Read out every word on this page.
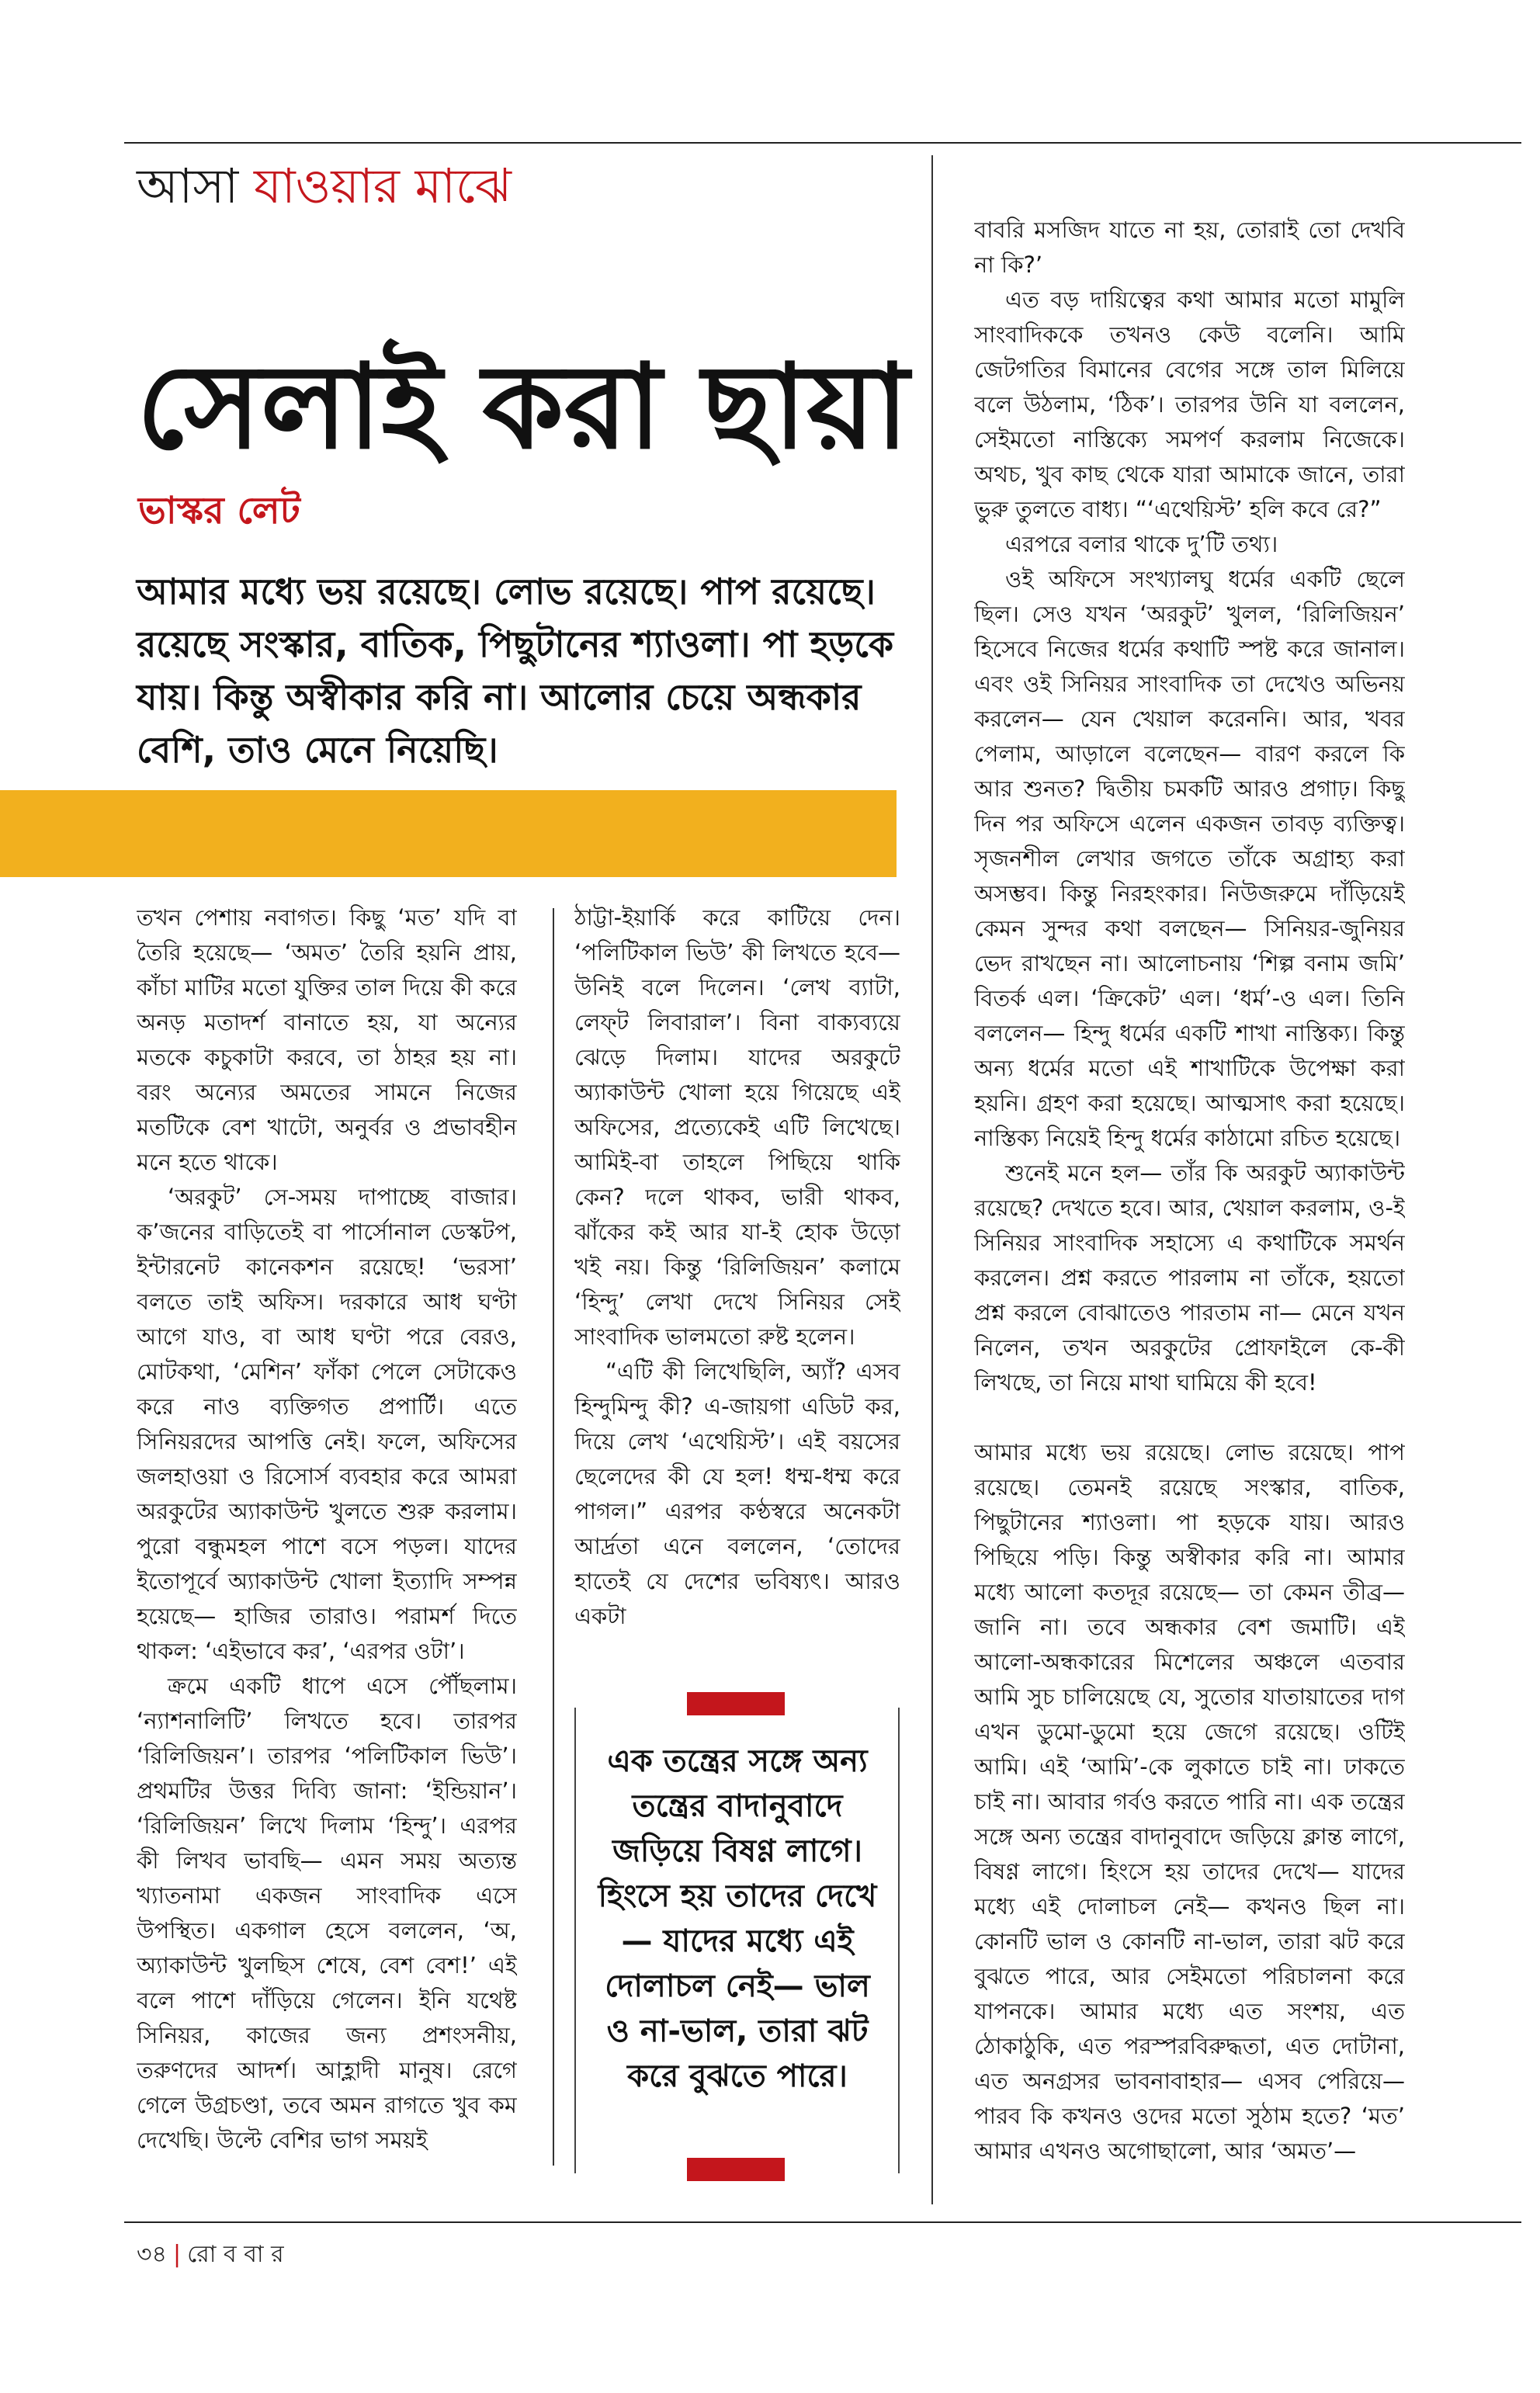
আসা যাওয়ার মাঝে
সেলাই করা ছায়া
ভাস্কর লেট
আমার মধ্যে ভয় রয়েছে। লোভ রয়েছে। পাপ রয়েছে। রয়েছে সংস্কার, বাতিক, পিছুটানের শ্যাওলা। পা হড়কে যায়। কিন্তু অস্বীকার করি না। আলোর চেয়ে অন্ধকার বেশি, তাও মেনে নিয়েছি।

তখন পেশায় নবাগত। কিছু ‘মত’ যদি বা তৈরি হয়েছে— ‘অমত’ তৈরি হয়নি প্রায়, কাঁচা মাটির মতো যুক্তির তাল দিয়ে কী করে অনড় মতাদর্শ বানাতে হয়, যা অন্যের মতকে কচুকাটা করবে, তা ঠাহর হয় না। বরং অন্যের অমতের সামনে নিজের মতটিকে বেশ খাটো, অনুর্বর ও প্রভাবহীন মনে হতে থাকে।

‘অরকুট’ সে-সময় দাপাচ্ছে বাজার। ক’জনের বাড়িতেই বা পার্সোনাল ডেস্কটপ, ইন্টারনেট কানেকশন রয়েছে! ‘ভরসা’ বলতে তাই অফিস। দরকারে আধ ঘণ্টা আগে যাও, বা আধ ঘণ্টা পরে বেরও, মোটকথা, ‘মেশিন’ ফাঁকা পেলে সেটাকেও করে নাও ব্যক্তিগত প্রপার্টি। এতে সিনিয়রদের আপত্তি নেই। ফলে, অফিসের জলহাওয়া ও রিসোর্স ব্যবহার করে আমরা অরকুটের অ্যাকাউন্ট খুলতে শুরু করলাম। পুরো বন্ধুমহল পাশে বসে পড়ল। যাদের ইতোপূর্বে অ্যাকাউন্ট খোলা ইত্যাদি সম্পন্ন হয়েছে— হাজির তারাও। পরামর্শ দিতে থাকল: ‘এইভাবে কর’, ‘এরপর ওটা’।

ক্রমে একটি ধাপে এসে পৌঁছলাম। ‘ন্যাশনালিটি’ লিখতে হবে। তারপর ‘রিলিজিয়ন’। তারপর ‘পলিটিকাল ভিউ’। প্রথমটির উত্তর দিব্যি জানা: ‘ইন্ডিয়ান’। ‘রিলিজিয়ন’ লিখে দিলাম ‘হিন্দু’। এরপর কী লিখব ভাবছি— এমন সময় অত্যন্ত খ্যাতনামা একজন সাংবাদিক এসে উপস্থিত। একগাল হেসে বললেন, ‘অ, অ্যাকাউন্ট খুলছিস শেষে, বেশ বেশ!’ এই বলে পাশে দাঁড়িয়ে গেলেন। ইনি যথেষ্ট সিনিয়র, কাজের জন্য প্রশংসনীয়, তরুণদের আদর্শ। আহ্লাদী মানুষ। রেগে গেলে উগ্রচণ্ডা, তবে অমন রাগতে খুব কম দেখেছি। উল্টে বেশির ভাগ সময়ই

ঠাট্টা-ইয়ার্কি করে কাটিয়ে দেন। ‘পলিটিকাল ভিউ’ কী লিখতে হবে— উনিই বলে দিলেন। ‘লেখ ব্যাটা, লেফ্‌ট লিবারাল’। বিনা বাক্যব্যয়ে ঝেড়ে দিলাম। যাদের অরকুটে অ্যাকাউন্ট খোলা হয়ে গিয়েছে এই অফিসের, প্রত্যেকেই এটি লিখেছে। আমিই-বা তাহলে পিছিয়ে থাকি কেন? দলে থাকব, ভারী থাকব, ঝাঁকের কই আর যা-ই হোক উড়ো খই নয়। কিন্তু ‘রিলিজিয়ন’ কলামে ‘হিন্দু’ লেখা দেখে সিনিয়র সেই সাংবাদিক ভালমতো রুষ্ট হলেন।

“এটি কী লিখেছিলি, অ্যাঁ? এসব হিন্দুমিন্দু কী? এ-জায়গা এডিট কর, দিয়ে লেখ ‘এথেয়িস্ট’। এই বয়সের ছেলেদের কী যে হল! ধম্ম-ধম্ম করে পাগল।” এরপর কণ্ঠস্বরে অনেকটা আর্দ্রতা এনে বললেন, ‘তোদের হাতেই যে দেশের ভবিষ্যৎ। আরও একটা

এক তন্ত্রের সঙ্গে অন্য তন্ত্রের বাদানুবাদে জড়িয়ে বিষণ্ণ লাগে। হিংসে হয় তাদের দেখে— যাদের মধ্যে এই দোলাচল নেই— ভাল ও না-ভাল, তারা ঝট করে বুঝতে পারে।

বাবরি মসজিদ যাতে না হয়, তোরাই তো দেখবি না কি?’

এত বড় দায়িত্বের কথা আমার মতো মামুলি সাংবাদিককে তখনও কেউ বলেনি। আমি জেটগতির বিমানের বেগের সঙ্গে তাল মিলিয়ে বলে উঠলাম, ‘ঠিক’। তারপর উনি যা বললেন, সেইমতো নাস্তিক্যে সমপর্ণ করলাম নিজেকে। অথচ, খুব কাছ থেকে যারা আমাকে জানে, তারা ভুরু তুলতে বাধ্য। “‘এথেয়িস্ট’ হলি কবে রে?”

এরপরে বলার থাকে দু’টি তথ্য।

ওই অফিসে সংখ্যালঘু ধর্মের একটি ছেলে ছিল। সেও যখন ‘অরকুট’ খুলল, ‘রিলিজিয়ন’ হিসেবে নিজের ধর্মের কথাটি স্পষ্ট করে জানাল। এবং ওই সিনিয়র সাংবাদিক তা দেখেও অভিনয় করলেন— যেন খেয়াল করেননি। আর, খবর পেলাম, আড়ালে বলেছেন— বারণ করলে কি আর শুনত? দ্বিতীয় চমকটি আরও প্রগাঢ়। কিছু দিন পর অফিসে এলেন একজন তাবড় ব্যক্তিত্ব। সৃজনশীল লেখার জগতে তাঁকে অগ্রাহ্য করা অসম্ভব। কিন্তু নিরহংকার। নিউজরুমে দাঁড়িয়েই কেমন সুন্দর কথা বলছেন— সিনিয়র-জুনিয়র ভেদ রাখছেন না। আলোচনায় ‘শিল্প বনাম জমি’ বিতর্ক এল। ‘ক্রিকেট’ এল। ‘ধর্ম’-ও এল। তিনি বললেন— হিন্দু ধর্মের একটি শাখা নাস্তিক্য। কিন্তু অন্য ধর্মের মতো এই শাখাটিকে উপেক্ষা করা হয়নি। গ্রহণ করা হয়েছে। আত্মসাৎ করা হয়েছে। নাস্তিক্য নিয়েই হিন্দু ধর্মের কাঠামো রচিত হয়েছে।

শুনেই মনে হল— তাঁর কি অরকুট অ্যাকাউন্ট রয়েছে? দেখতে হবে। আর, খেয়াল করলাম, ও-ই সিনিয়র সাংবাদিক সহাস্যে এ কথাটিকে সমর্থন করলেন। প্রশ্ন করতে পারলাম না তাঁকে, হয়তো প্রশ্ন করলে বোঝাতেও পারতাম না— মেনে যখন নিলেন, তখন অরকুটের প্রোফাইলে কে-কী লিখছে, তা নিয়ে মাথা ঘামিয়ে কী হবে!

আমার মধ্যে ভয় রয়েছে। লোভ রয়েছে। পাপ রয়েছে। তেমনই রয়েছে সংস্কার, বাতিক, পিছুটানের শ্যাওলা। পা হড়কে যায়। আরও পিছিয়ে পড়ি। কিন্তু অস্বীকার করি না। আমার মধ্যে আলো কতদূর রয়েছে— তা কেমন তীব্র— জানি না। তবে অন্ধকার বেশ জমাটি। এই আলো-অন্ধকারের মিশেলের অঞ্চলে এতবার আমি সুচ চালিয়েছে যে, সুতোর যাতায়াতের দাগ এখন ডুমো-ডুমো হয়ে জেগে রয়েছে। ওটিই আমি। এই ‘আমি’-কে লুকাতে চাই না। ঢাকতে চাই না। আবার গর্বও করতে পারি না। এক তন্ত্রের সঙ্গে অন্য তন্ত্রের বাদানুবাদে জড়িয়ে ক্লান্ত লাগে, বিষণ্ণ লাগে। হিংসে হয় তাদের দেখে— যাদের মধ্যে এই দোলাচল নেই— কখনও ছিল না। কোনটি ভাল ও কোনটি না-ভাল, তারা ঝট করে বুঝতে পারে, আর সেইমতো পরিচালনা করে যাপনকে। আমার মধ্যে এত সংশয়, এত ঠোকাঠুকি, এত পরস্পরবিরুদ্ধতা, এত দোটানা, এত অনগ্রসর ভাবনাবাহার— এসব পেরিয়ে— পারব কি কখনও ওদের মতো সুঠাম হতে? ‘মত’ আমার এখনও অগোছালো, আর ‘অমত’—

৩৪ | রো ব বা র
